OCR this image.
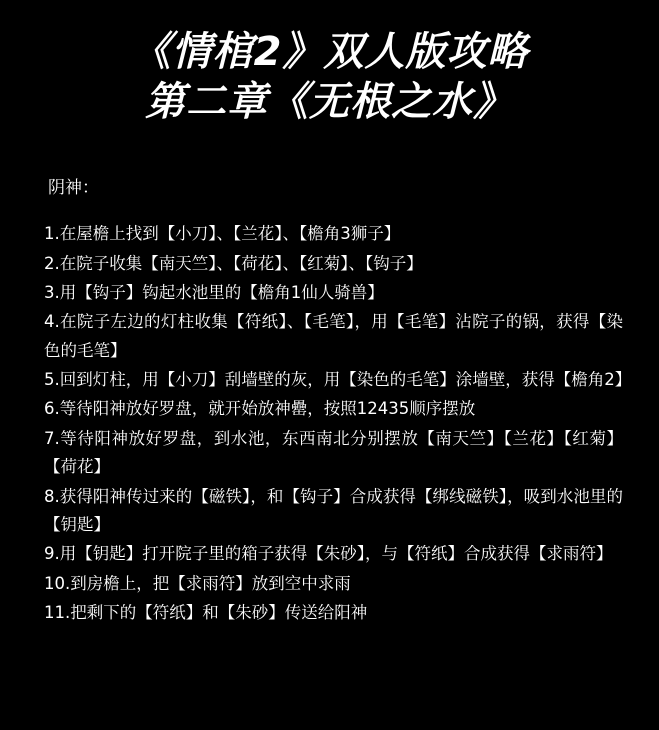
《情棺2》双人版攻略
第二章《无根之水》
阴神：
1.在屋檐上找到【小刀】、【兰花】、【檐角3狮子】
2.在院子收集【南天竺】、【荷花】、【红菊】、【钩子】
3.用【钩子】钩起水池里的【檐角1仙人骑兽】
4.在院子左边的灯柱收集【符纸】、【毛笔】，用【毛笔】沾院子的锅，获得【染色的毛笔】
5.回到灯柱，用【小刀】刮墙壁的灰，用【染色的毛笔】涂墙壁，获得【檐角2】
6.等待阳神放好罗盘，就开始放神罍，按照12435顺序摆放
7.等待阳神放好罗盘，到水池，东西南北分别摆放【南天竺】【兰花】【红菊】【荷花】
8.获得阳神传过来的【磁铁】，和【钩子】合成获得【绑线磁铁】，吸到水池里的【钥匙】
9.用【钥匙】打开院子里的箱子获得【朱砂】，与【符纸】合成获得【求雨符】
10.到房檐上，把【求雨符】放到空中求雨
11.把剩下的【符纸】和【朱砂】传送给阳神
